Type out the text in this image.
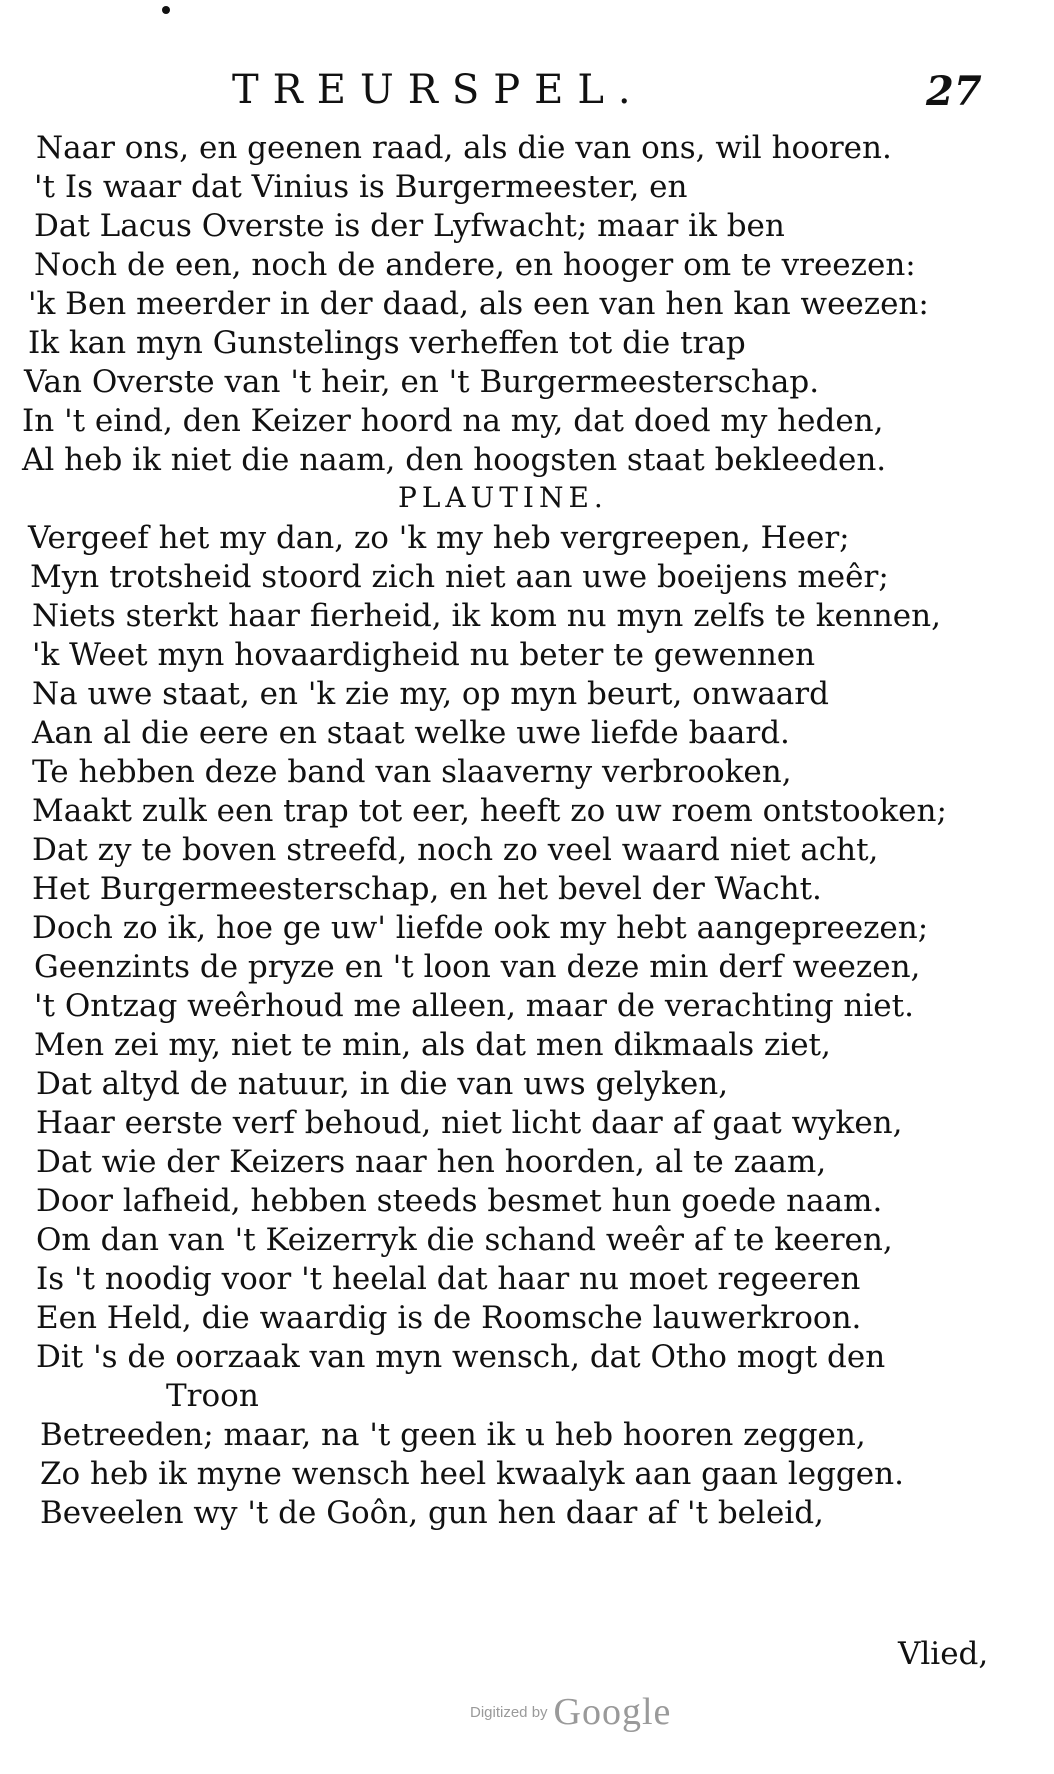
TREURSPEL.	27
Naar ons, en geenen raad, als die van ons, wil hooren.
't Is waar dat Vinius is Burgermeester, en
Dat Lacus Overste is der Lyfwacht; maar ik ben
Noch de een, noch de andere, en hooger om te vreezen:
'k Ben meerder in der daad, als een van hen kan weezen:
Ik kan myn Gunstelings verheffen tot die trap
Van Overste van 't heir, en 't Burgermeesterschap.
In 't eind, den Keizer hoord na my, dat doed my heden,
Al heb ik niet die naam, den hoogsten staat bekleeden.
PLAUTINE.
Vergeef het my dan, zo 'k my heb vergreepen, Heer;
Myn trotsheid stoord zich niet aan uwe boeijens meêr;
Niets sterkt haar fierheid, ik kom nu myn zelfs te kennen,
'k Weet myn hovaardigheid nu beter te gewennen
Na uwe staat, en 'k zie my, op myn beurt, onwaard
Aan al die eere en staat welke uwe liefde baard.
Te hebben deze band van slaaverny verbrooken,
Maakt zulk een trap tot eer, heeft zo uw roem ontstooken;
Dat zy te boven streefd, noch zo veel waard niet acht,
Het Burgermeesterschap, en het bevel der Wacht.
Doch zo ik, hoe ge uw' liefde ook my hebt aangepreezen;
Geenzints de pryze en 't loon van deze min derf weezen,
't Ontzag weêrhoud me alleen, maar de verachting niet.
Men zei my, niet te min, als dat men dikmaals ziet,
Dat altyd de natuur, in die van uws gelyken,
Haar eerste verf behoud, niet licht daar af gaat wyken,
Dat wie der Keizers naar hen hoorden, al te zaam,
Door lafheid, hebben steeds besmet hun goede naam.
Om dan van 't Keizerryk die schand weêr af te keeren,
Is 't noodig voor 't heelal dat haar nu moet regeeren
Een Held, die waardig is de Roomsche lauwerkroon.
Dit 's de oorzaak van myn wensch, dat Otho mogt den
Troon
Betreeden; maar, na 't geen ik u heb hooren zeggen,
Zo heb ik myne wensch heel kwaalyk aan gaan leggen.
Beveelen wy 't de Goôn, gun hen daar af 't beleid,
Vlied,
Digitized by Google
